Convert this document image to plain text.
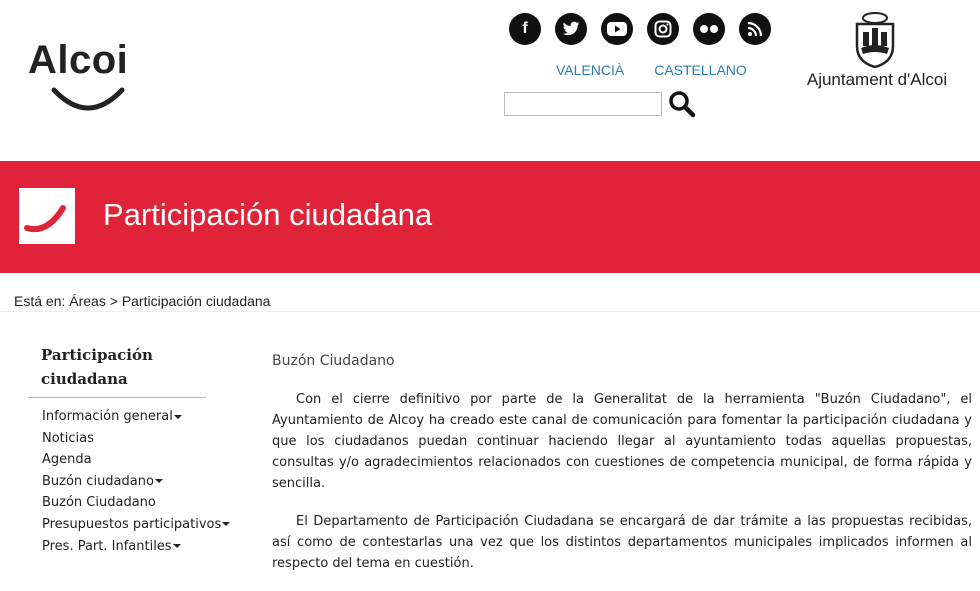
Alcoi
f
VALENCIÀ CASTELLANO	Ajuntament d'Alcoi
Participación ciudadana
Está en: Áreas > Participación ciudadana
Participación ciudadana
Información general
Noticias
Agenda
Buzón ciudadano
Buzón Ciudadano
Presupuestos participativos
Pres. Part. Infantiles
Buzón Ciudadano

Con el cierre definitivo por parte de la Generalitat de la herramienta "Buzón Ciudadano", el Ayuntamiento de Alcoy ha creado este canal de comunicación para fomentar la participación ciudadana y que los ciudadanos puedan continuar haciendo llegar al ayuntamiento todas aquellas propuestas, consultas y/o agradecimientos relacionados con cuestiones de competencia municipal, de forma rápida y sencilla.

El Departamento de Participación Ciudadana se encargará de dar trámite a las propuestas recibidas, así como de contestarlas una vez que los distintos departamentos municipales implicados informen al respecto del tema en cuestión.
